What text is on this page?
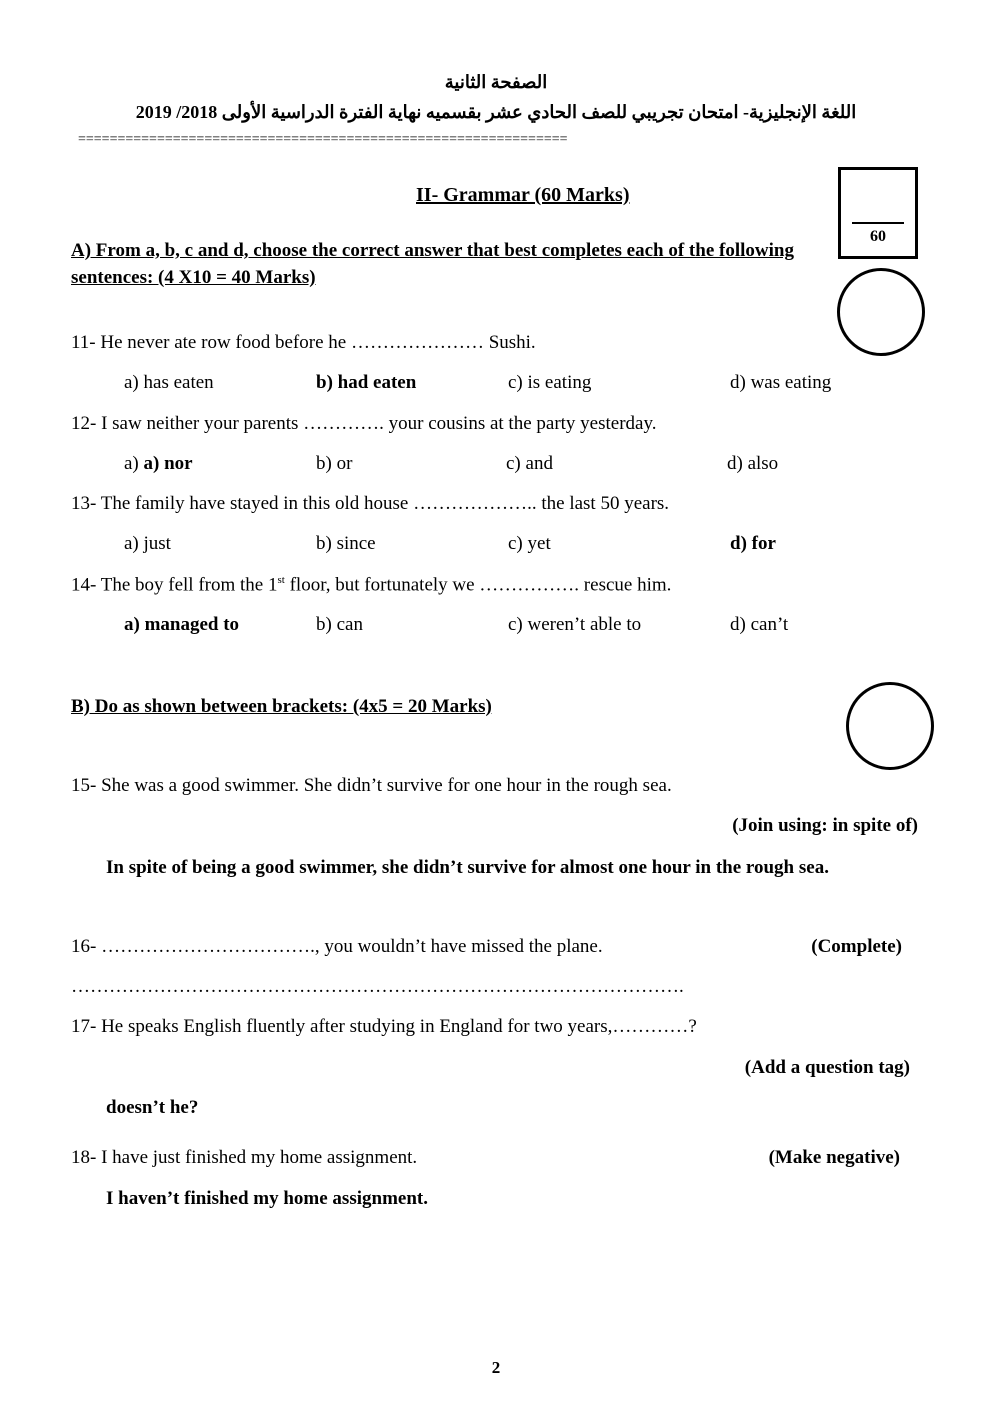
الصفحة الثانية
اللغة الإنجليزية- امتحان تجريبي للصف الحادي عشر بقسميه نهاية الفترة الدراسية الأولى 2018/ 2019
==============================================================
II- Grammar (60 Marks)
60
A) From a, b, c and d, choose the correct answer that best completes each of the following sentences: (4 X10 = 40 Marks)
11- He never ate row food before he ………………… Sushi.
a) has eaten	b) had eaten	c) is eating	d) was eating
12- I saw neither your parents …………. your cousins at the party yesterday.
a) a) nor	b) or	c) and	d) also
13- The family have stayed in this old house ……………….. the last 50 years.
a) just	b) since	c) yet	d) for
14- The boy fell from the 1st floor, but fortunately we ……………. rescue him.
a) managed to	b) can	c) weren’t able to	d) can’t
B) Do as shown between brackets: (4x5 = 20 Marks)
15- She was a good swimmer. She didn’t survive for one hour in the rough sea.
(Join using: in spite of)
In spite of being a good swimmer, she didn’t survive for almost one hour in the rough sea.
16- ……………………………., you wouldn’t have missed the plane.	(Complete)
…………………………………………………………………………………….
17- He speaks English fluently after studying in England for two years,…………?
(Add a question tag)
doesn’t he?
18- I have just finished my home assignment.	(Make negative)
I haven’t finished my home assignment.
2
